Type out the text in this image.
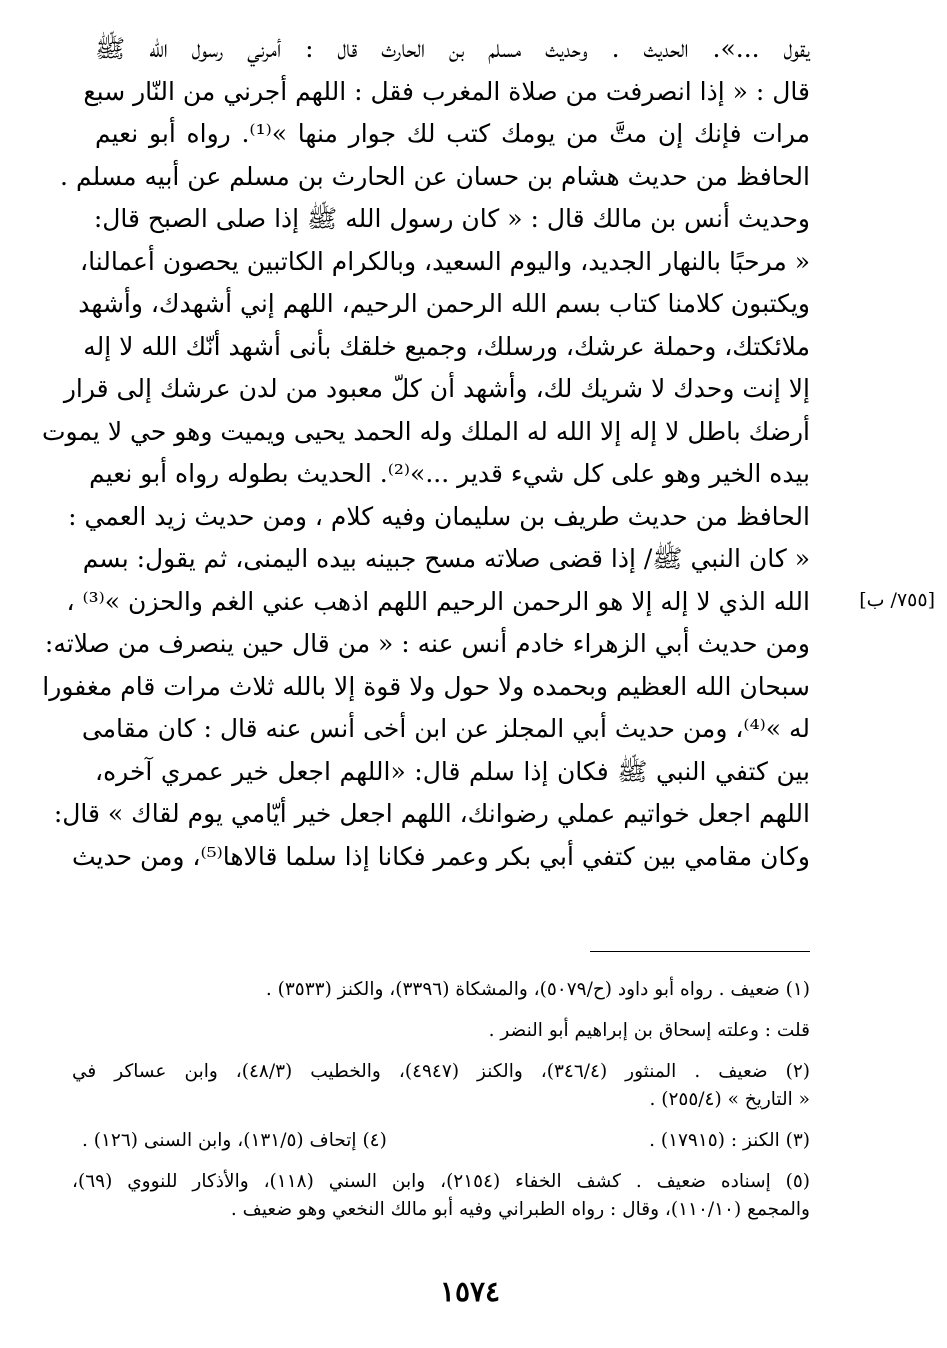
يقول ...». الحديث . وحديث مسلم بن الحارث قال : أمرني رسول الله ﷺ
قال : « إذا انصرفت من صلاة المغرب فقل : اللهم أجرني من النّار سبع
مرات فإنك إن متَّ من يومك كتب لك جوار منها »⁽¹⁾. رواه أبو نعيم
الحافظ من حديث هشام بن حسان عن الحارث بن مسلم عن أبيه مسلم .
وحديث أنس بن مالك قال : « كان رسول الله ﷺ إذا صلى الصبح قال:
« مرحبًا بالنهار الجديد، واليوم السعيد، وبالكرام الكاتبين يحصون أعمالنا،
ويكتبون كلامنا كتاب بسم الله الرحمن الرحيم، اللهم إني أشهدك، وأشهد
ملائكتك، وحملة عرشك، ورسلك، وجميع خلقك بأنى أشهد أنّك الله لا إله
إلا إنت وحدك لا شريك لك، وأشهد أن كلّ معبود من لدن عرشك إلى قرار
أرضك باطل لا إله إلا الله له الملك وله الحمد يحيى ويميت وهو حي لا يموت
بيده الخير وهو على كل شيء قدير ...»⁽²⁾. الحديث بطوله رواه أبو نعيم
الحافظ من حديث طريف بن سليمان وفيه كلام ، ومن حديث زيد العمي :
« كان النبي ﷺ/ إذا قضى صلاته مسح جبينه بيده اليمنى، ثم يقول: بسم
الله الذي لا إله إلا هو الرحمن الرحيم اللهم اذهب عني الغم والحزن »⁽³⁾ ،
ومن حديث أبي الزهراء خادم أنس عنه : « من قال حين ينصرف من صلاته:
سبحان الله العظيم وبحمده ولا حول ولا قوة إلا بالله ثلاث مرات قام مغفورا
له »⁽⁴⁾، ومن حديث أبي المجلز عن ابن أخى أنس عنه قال : كان مقامى
بين كتفي النبي ﷺ فكان إذا سلم قال: «اللهم اجعل خير عمري آخره،
اللهم اجعل خواتيم عملي رضوانك، اللهم اجعل خير أيّامي يوم لقاك » قال:
وكان مقامي بين كتفي أبي بكر وعمر فكانا إذا سلما قالاها⁽⁵⁾، ومن حديث
[٧٥٥/ ب]
(١) ضعيف . رواه أبو داود (ح/٥٠٧٩)، والمشكاة (٣٣٩٦)، والكنز (٣٥٣٣) .
قلت : وعلته إسحاق بن إبراهيم أبو النضر .
(٢) ضعيف . المنثور (٣٤٦/٤)، والكنز (٤٩٤٧)، والخطيب (٤٨/٣)، وابن عساكر في
« التاريخ » (٢٥٥/٤) .
(٣) الكنز : (١٧٩١٥) .
(٤) إتحاف (١٣١/٥)، وابن السنى (١٢٦) .
(٥) إسناده ضعيف . كشف الخفاء (٢١٥٤)، وابن السني (١١٨)، والأذكار للنووي (٦٩)،
والمجمع (١١٠/١٠)، وقال : رواه الطبراني وفيه أبو مالك النخعي وهو ضعيف .
١٥٧٤
